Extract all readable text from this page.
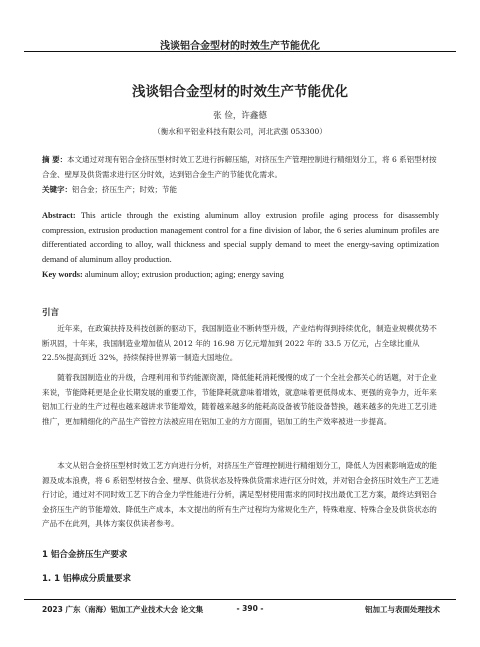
浅谈铝合金型材的时效生产节能优化
浅谈铝合金型材的时效生产节能优化
张 俭，许鑫德
（衡水和平铝业科技有限公司，河北武强 053300）
摘 要：本文通过对现有铝合金挤压型材时效工艺进行拆解压缩，对挤压生产管理控制进行精细划分工，将 6 系铝型材按合金、壁厚及供货需求进行区分时效，达到铝合金生产的节能优化需求。
关键字：铝合金；挤压生产；时效；节能
Abstract: This article through the existing aluminum alloy extrusion profile aging process for disassembly compression, extrusion production management control for a fine division of labor, the 6 series aluminum profiles are differentiated according to alloy, wall thickness and special supply demand to meet the energy-saving optimization demand of aluminum alloy production.
Key words: aluminum alloy; extrusion production; aging; energy saving
引言
近年来，在政策扶持及科技创新的驱动下，我国制造业不断转型升级，产业结构得到持续优化，制造业规模优势不断巩固，十年来，我国制造业增加值从 2012 年的 16.98 万亿元增加到 2022 年的 33.5 万亿元，占全球比重从 22.5%提高到近 32%，持续保持世界第一制造大国地位。
随着我国制造业的升级，合理利用和节约能源资源，降低能耗消耗慢慢的成了一个全社会都关心的话题，对于企业来说，节能降耗更是企业长期发展的重要工作，节能降耗就意味着增效，就意味着更低得成本、更强的竞争力，近年来铝加工行业的生产过程也越来越讲求节能增效，随着越来越多的能耗高设备被节能设备替换，越来越多的先进工艺引进推广，更加精细化的产品生产管控方法被应用在铝加工业的方方面面，铝加工的生产效率被进一步提高。
本文从铝合金挤压型材时效工艺方向进行分析，对挤压生产管理控制进行精细划分工，降低人为因素影响造成的能源及成本浪费，将 6 系铝型材按合金、壁厚、供货状态及特殊供货需求进行区分时效，并对铝合金挤压时效生产工艺进行讨论，通过对不同时效工艺下的合金力学性能进行分析，满足型材使用需求的同时找出最优工艺方案，最终达到铝合金挤压生产的节能增效、降低生产成本，本文提出的所有生产过程均为常规化生产，特殊难度、特殊合金及供货状态的产品不在此列，具体方案仅供读者参考。
1 铝合金挤压生产要求
1. 1 铝棒成分质量要求
2023 广东（南海）铝加工产业技术大会 论文集	- 390 -	铝加工与表面处理技术
